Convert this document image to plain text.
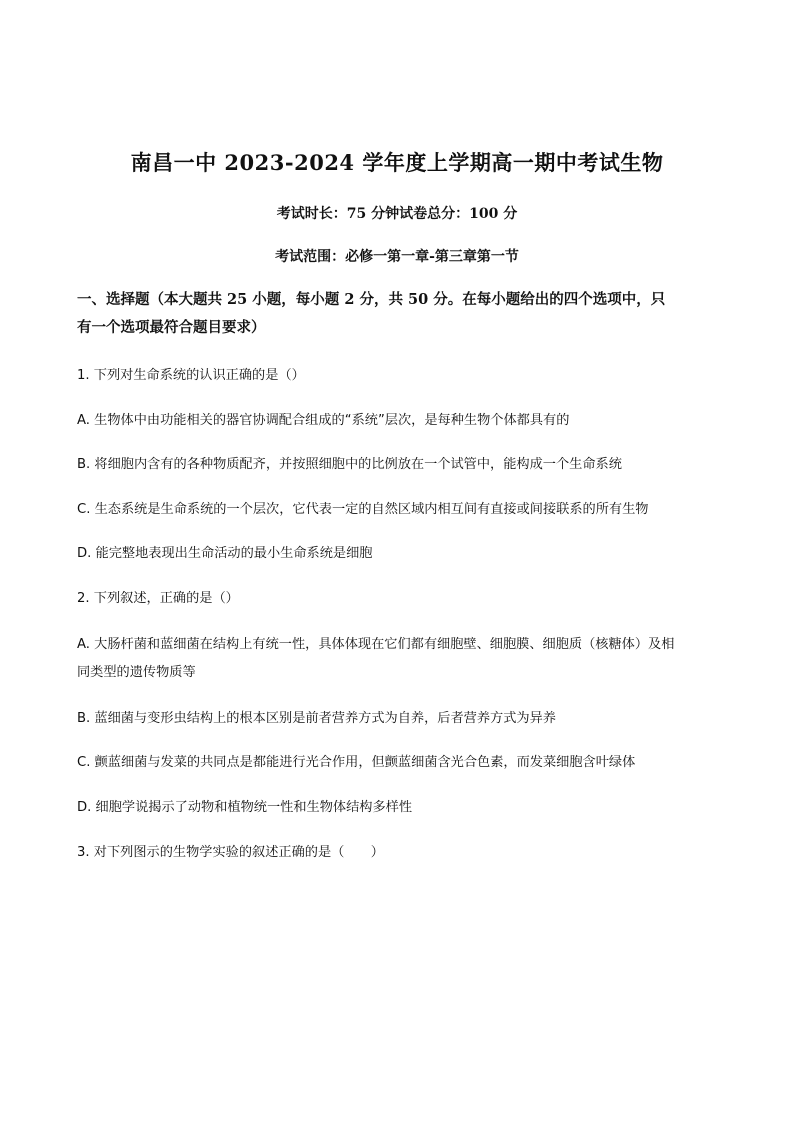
南昌一中 2023-2024 学年度上学期高一期中考试生物
考试时长：75 分钟试卷总分：100 分
考试范围：必修一第一章-第三章第一节
一、选择题（本大题共 25 小题，每小题 2 分，共 50 分。在每小题给出的四个选项中，只
有一个选项最符合题目要求）
1. 下列对生命系统的认识正确的是（）
A. 生物体中由功能相关的器官协调配合组成的“系统”层次，是每种生物个体都具有的
B. 将细胞内含有的各种物质配齐，并按照细胞中的比例放在一个试管中，能构成一个生命系统
C. 生态系统是生命系统的一个层次，它代表一定的自然区域内相互间有直接或间接联系的所有生物
D. 能完整地表现出生命活动的最小生命系统是细胞
2. 下列叙述，正确的是（）
A. 大肠杆菌和蓝细菌在结构上有统一性，具体体现在它们都有细胞壁、细胞膜、细胞质（核糖体）及相
同类型的遗传物质等
B. 蓝细菌与变形虫结构上的根本区别是前者营养方式为自养，后者营养方式为异养
C. 颤蓝细菌与发菜的共同点是都能进行光合作用，但颤蓝细菌含光合色素，而发菜细胞含叶绿体
D. 细胞学说揭示了动物和植物统一性和生物体结构多样性
3. 对下列图示的生物学实验的叙述正确的是（　　）
